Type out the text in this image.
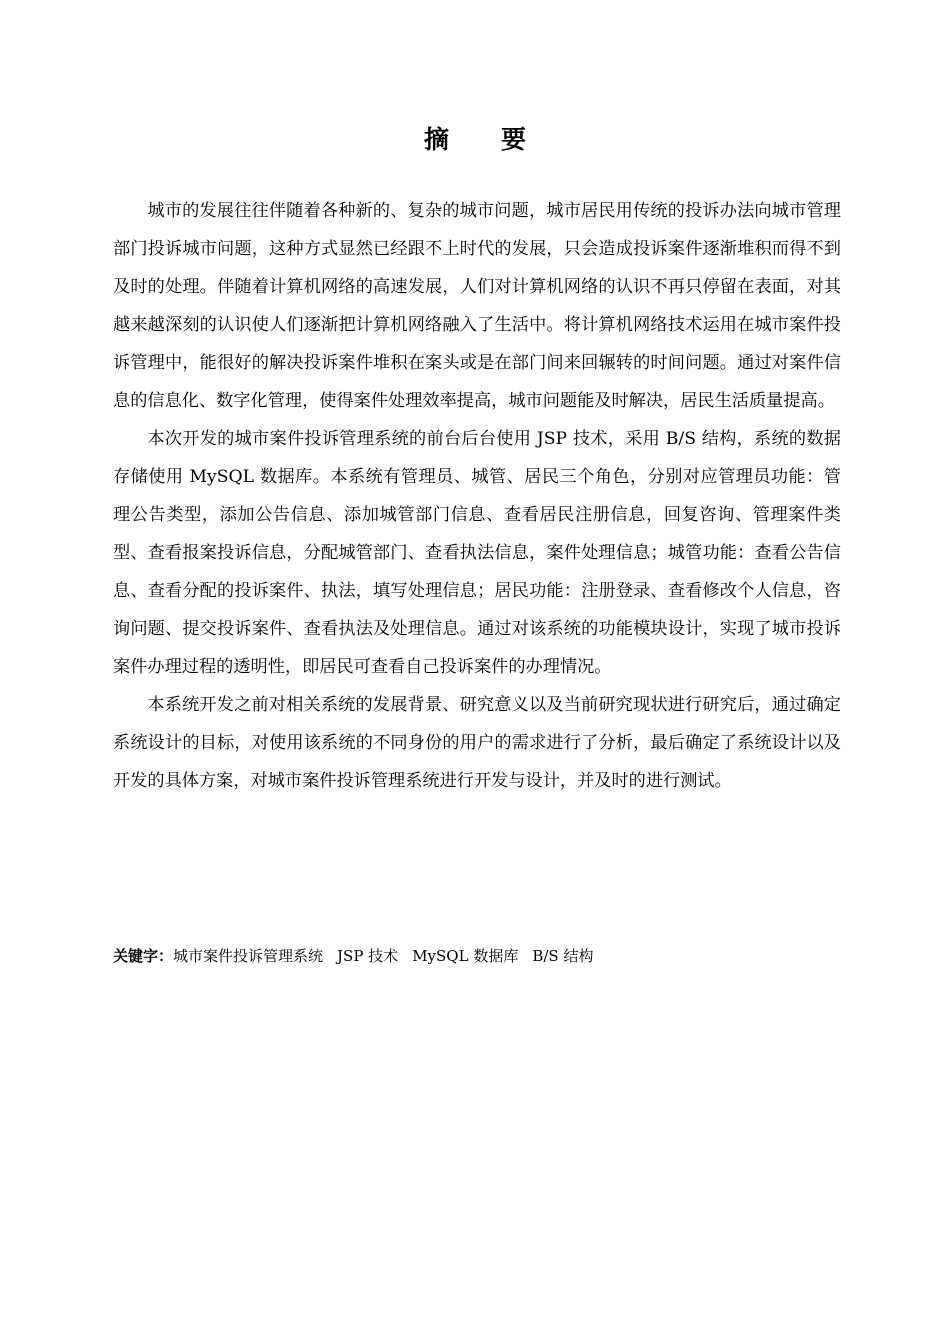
摘 要

城市的发展往往伴随着各种新的、复杂的城市问题，城市居民用传统的投诉办法向城市管理部门投诉城市问题，这种方式显然已经跟不上时代的发展，只会造成投诉案件逐渐堆积而得不到及时的处理。伴随着计算机网络的高速发展，人们对计算机网络的认识不再只停留在表面，对其越来越深刻的认识使人们逐渐把计算机网络融入了生活中。将计算机网络技术运用在城市案件投诉管理中，能很好的解决投诉案件堆积在案头或是在部门间来回辗转的时间问题。通过对案件信息的信息化、数字化管理，使得案件处理效率提高，城市问题能及时解决，居民生活质量提高。

本次开发的城市案件投诉管理系统的前台后台使用 JSP 技术，采用 B/S 结构，系统的数据存储使用 MySQL 数据库。本系统有管理员、城管、居民三个角色，分别对应管理员功能：管理公告类型，添加公告信息、添加城管部门信息、查看居民注册信息，回复咨询、管理案件类型、查看报案投诉信息，分配城管部门、查看执法信息，案件处理信息；城管功能：查看公告信息、查看分配的投诉案件、执法，填写处理信息；居民功能：注册登录、查看修改个人信息，咨询问题、提交投诉案件、查看执法及处理信息。通过对该系统的功能模块设计，实现了城市投诉案件办理过程的透明性，即居民可查看自己投诉案件的办理情况。

本系统开发之前对相关系统的发展背景、研究意义以及当前研究现状进行研究后，通过确定系统设计的目标，对使用该系统的不同身份的用户的需求进行了分析，最后确定了系统设计以及开发的具体方案，对城市案件投诉管理系统进行开发与设计，并及时的进行测试。

关键字：城市案件投诉管理系统 JSP 技术 MySQL 数据库 B/S 结构
